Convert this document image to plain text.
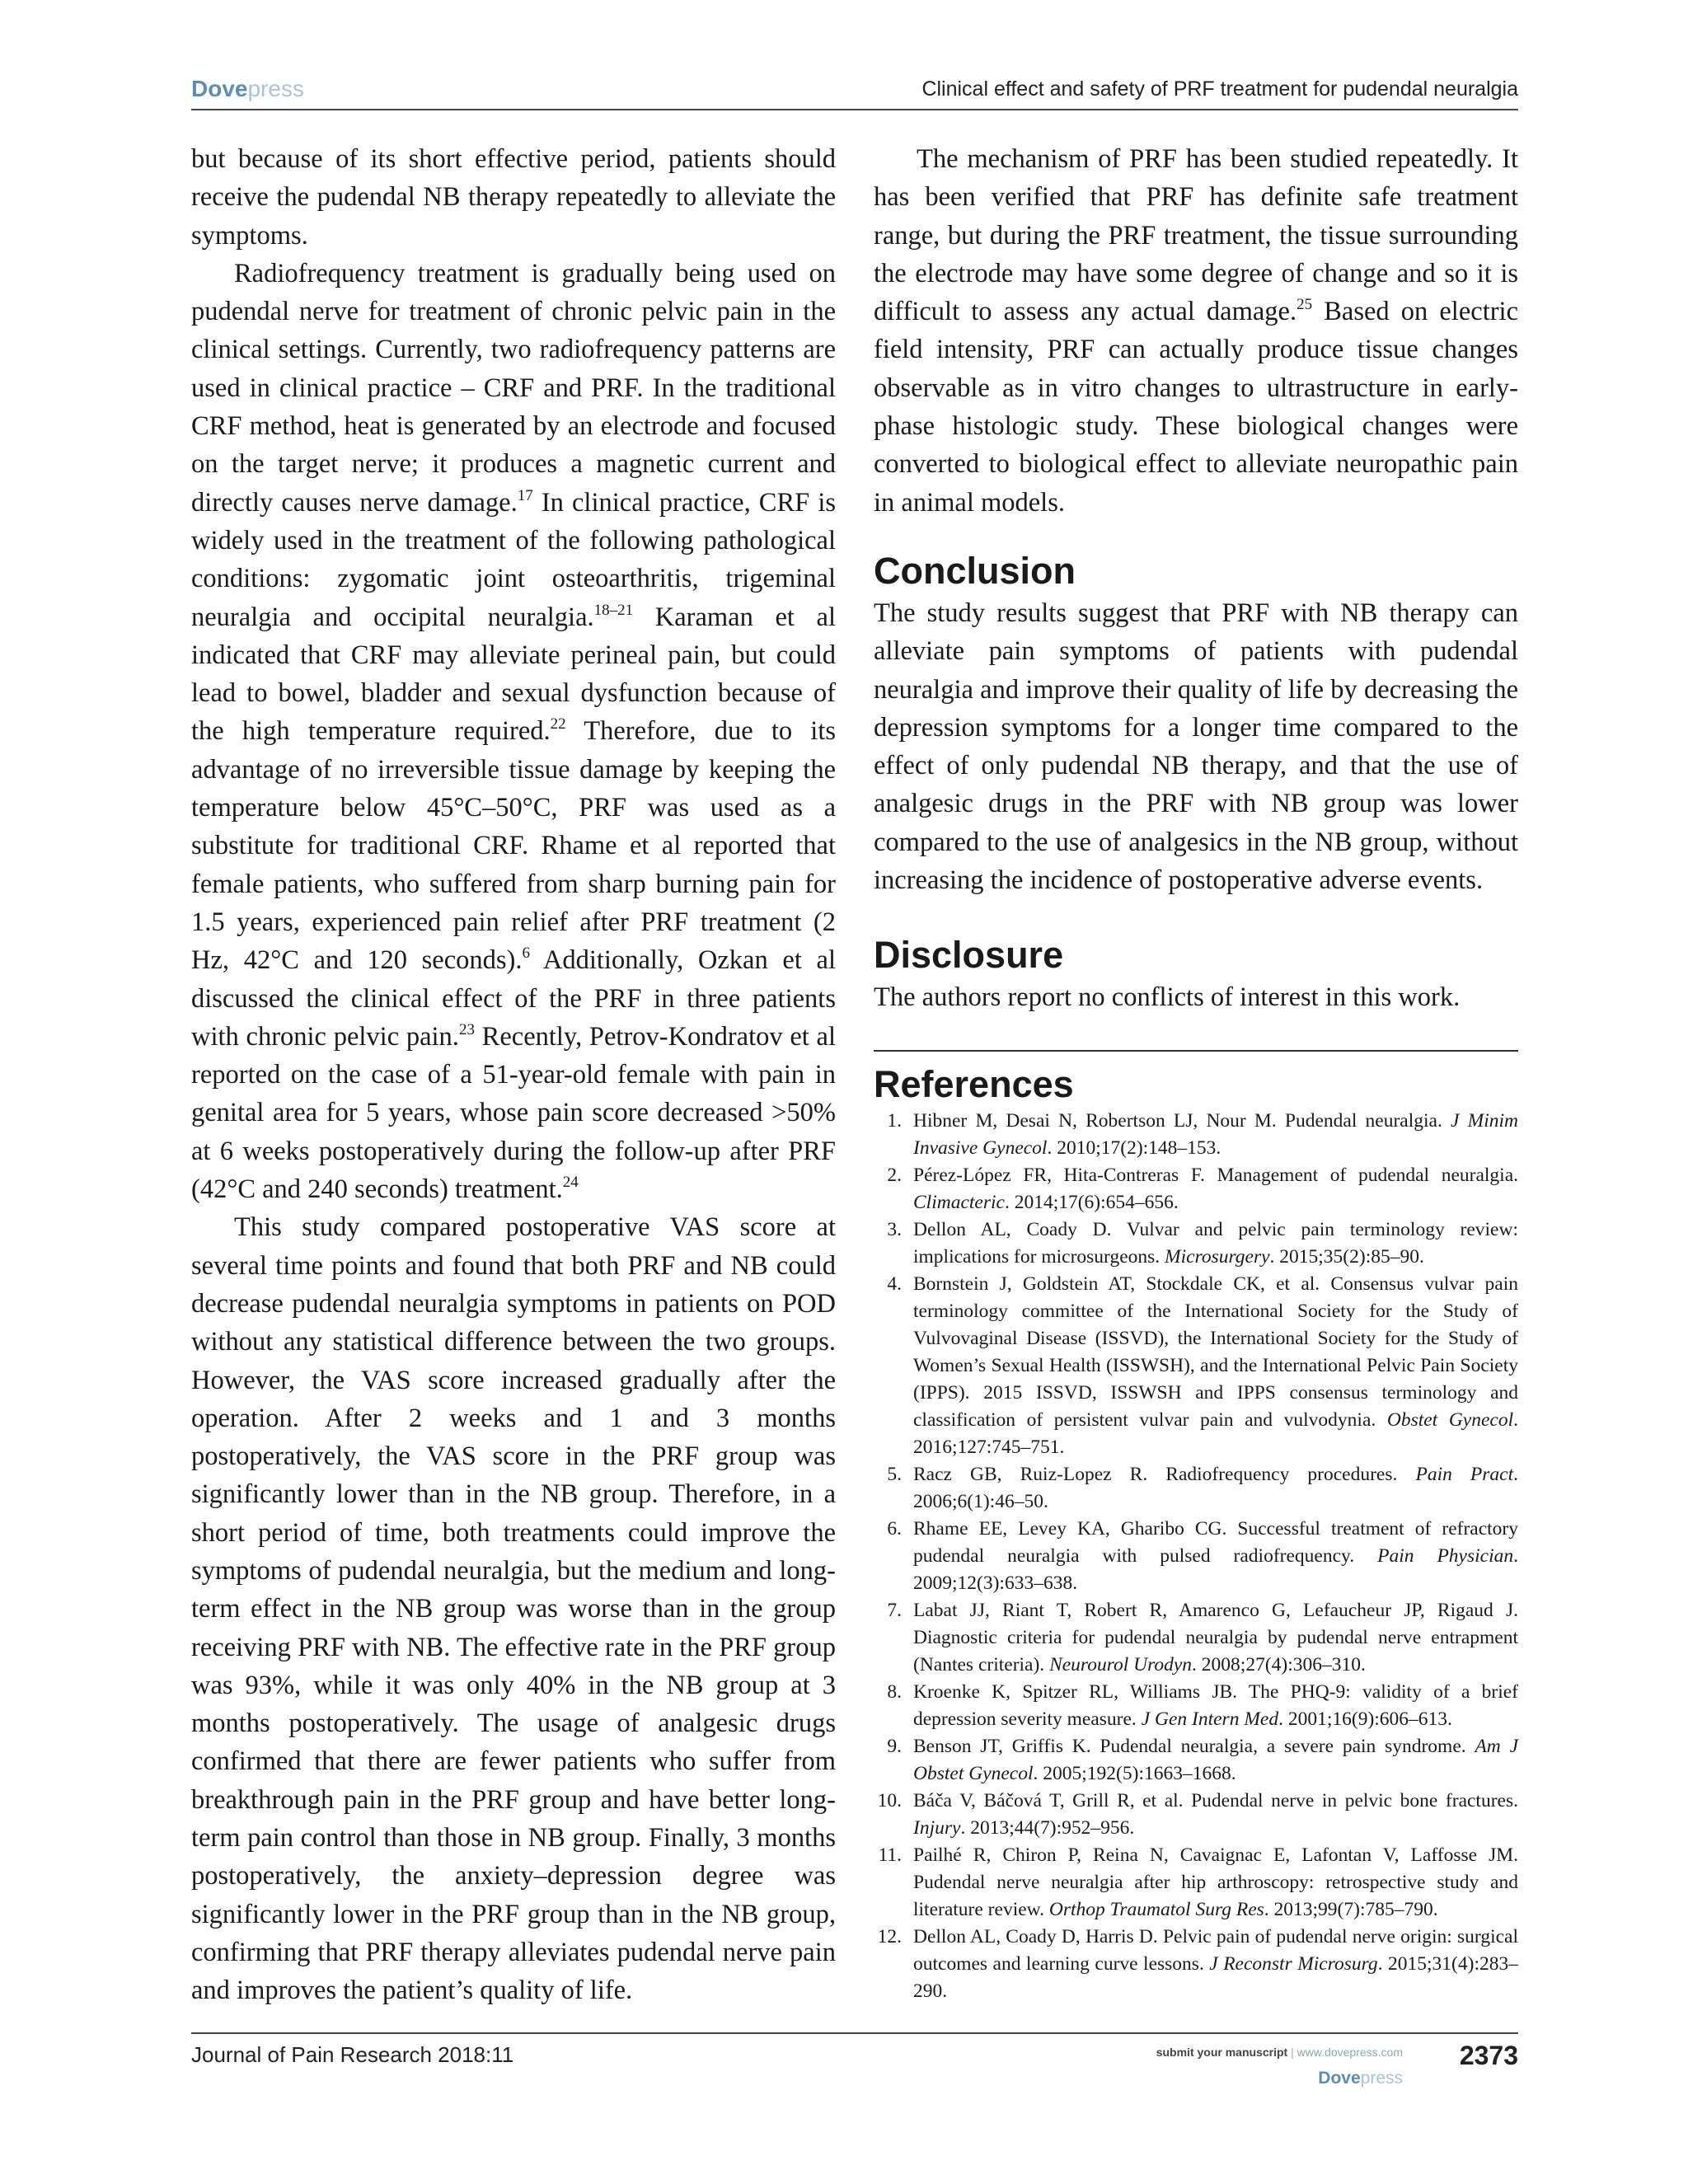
Dovepress	Clinical effect and safety of PRF treatment for pudendal neuralgia

but because of its short effective period, patients should receive the pudendal NB therapy repeatedly to alleviate the symptoms.

Radiofrequency treatment is gradually being used on pudendal nerve for treatment of chronic pelvic pain in the clinical settings. Currently, two radiofrequency patterns are used in clinical practice – CRF and PRF. In the traditional CRF method, heat is generated by an electrode and focused on the target nerve; it produces a magnetic current and directly causes nerve damage.$^{17}$ In clinical practice, CRF is widely used in the treatment of the following pathological conditions: zygomatic joint osteoarthritis, trigeminal neuralgia and occipital neuralgia.$^{18-21}$ Karaman et al indicated that CRF may alleviate perineal pain, but could lead to bowel, bladder and sexual dysfunction because of the high temperature required.$^{22}$ Therefore, due to its advantage of no irreversible tissue damage by keeping the temperature below 45°C–50°C, PRF was used as a substitute for traditional CRF. Rhame et al reported that female patients, who suffered from sharp burning pain for 1.5 years, experienced pain relief after PRF treatment (2 Hz, 42°C and 120 seconds).$^6$ Additionally, Ozkan et al discussed the clinical effect of the PRF in three patients with chronic pelvic pain.$^{23}$ Recently, Petrov-Kondratov et al reported on the case of a 51-year-old female with pain in genital area for 5 years, whose pain score decreased >50% at 6 weeks postoperatively during the follow-up after PRF (42°C and 240 seconds) treatment.$^{24}$

This study compared postoperative VAS score at several time points and found that both PRF and NB could decrease pudendal neuralgia symptoms in patients on POD without any statistical difference between the two groups. However, the VAS score increased gradually after the operation. After 2 weeks and 1 and 3 months postoperatively, the VAS score in the PRF group was significantly lower than in the NB group. Therefore, in a short period of time, both treatments could improve the symptoms of pudendal neuralgia, but the medium and long-term effect in the NB group was worse than in the group receiving PRF with NB. The effective rate in the PRF group was 93%, while it was only 40% in the NB group at 3 months postoperatively. The usage of analgesic drugs confirmed that there are fewer patients who suffer from breakthrough pain in the PRF group and have better long-term pain control than those in NB group. Finally, 3 months postoperatively, the anxiety–depression degree was significantly lower in the PRF group than in the NB group, confirming that PRF therapy alleviates pudendal nerve pain and improves the patient’s quality of life.

The mechanism of PRF has been studied repeatedly. It has been verified that PRF has definite safe treatment range, but during the PRF treatment, the tissue surrounding the electrode may have some degree of change and so it is difficult to assess any actual damage.$^{25}$ Based on electric field intensity, PRF can actually produce tissue changes observable as in vitro changes to ultrastructure in early-phase histologic study. These biological changes were converted to biological effect to alleviate neuropathic pain in animal models.

Conclusion

The study results suggest that PRF with NB therapy can alleviate pain symptoms of patients with pudendal neuralgia and improve their quality of life by decreasing the depression symptoms for a longer time compared to the effect of only pudendal NB therapy, and that the use of analgesic drugs in the PRF with NB group was lower compared to the use of analgesics in the NB group, without increasing the incidence of postoperative adverse events.

Disclosure

The authors report no conflicts of interest in this work.

References
1. Hibner M, Desai N, Robertson LJ, Nour M. Pudendal neuralgia. J Minim Invasive Gynecol. 2010;17(2):148–153.
2. Pérez-López FR, Hita-Contreras F. Management of pudendal neuralgia. Climacteric. 2014;17(6):654–656.
3. Dellon AL, Coady D. Vulvar and pelvic pain terminology review: implications for microsurgeons. Microsurgery. 2015;35(2):85–90.
4. Bornstein J, Goldstein AT, Stockdale CK, et al. Consensus vulvar pain terminology committee of the International Society for the Study of Vulvovaginal Disease (ISSVD), the International Society for the Study of Women’s Sexual Health (ISSWSH), and the International Pelvic Pain Society (IPPS). 2015 ISSVD, ISSWSH and IPPS consensus terminology and classification of persistent vulvar pain and vulvodynia. Obstet Gynecol. 2016;127:745–751.
5. Racz GB, Ruiz-Lopez R. Radiofrequency procedures. Pain Pract. 2006;6(1):46–50.
6. Rhame EE, Levey KA, Gharibo CG. Successful treatment of refractory pudendal neuralgia with pulsed radiofrequency. Pain Physician. 2009;12(3):633–638.
7. Labat JJ, Riant T, Robert R, Amarenco G, Lefaucheur JP, Rigaud J. Diagnostic criteria for pudendal neuralgia by pudendal nerve entrapment (Nantes criteria). Neurourol Urodyn. 2008;27(4):306–310.
8. Kroenke K, Spitzer RL, Williams JB. The PHQ-9: validity of a brief depression severity measure. J Gen Intern Med. 2001;16(9):606–613.
9. Benson JT, Griffis K. Pudendal neuralgia, a severe pain syndrome. Am J Obstet Gynecol. 2005;192(5):1663–1668.
10. Báča V, Báčová T, Grill R, et al. Pudendal nerve in pelvic bone fractures. Injury. 2013;44(7):952–956.
11. Pailhé R, Chiron P, Reina N, Cavaignac E, Lafontan V, Laffosse JM. Pudendal nerve neuralgia after hip arthroscopy: retrospective study and literature review. Orthop Traumatol Surg Res. 2013;99(7):785–790.
12. Dellon AL, Coady D, Harris D. Pelvic pain of pudendal nerve origin: surgical outcomes and learning curve lessons. J Reconstr Microsurg. 2015;31(4):283–290.
Journal of Pain Research 2018:11	submit your manuscript | www.dovepress.com 2373
Dovepress
